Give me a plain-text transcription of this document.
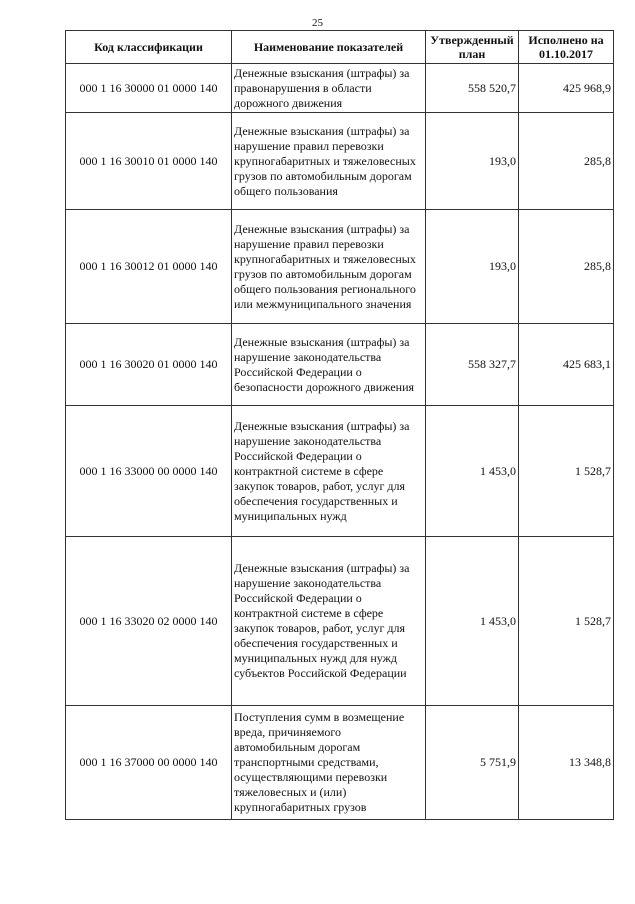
25
Код классификации	Наименование показателей	Утвержденный план	Исполнено на 01.10.2017
000 1 16 30000 01 0000 140	Денежные взыскания (штрафы) за правонарушения в области дорожного движения	558 520,7	425 968,9
000 1 16 30010 01 0000 140	Денежные взыскания (штрафы) за нарушение правил перевозки крупногабаритных и тяжеловесных грузов по автомобильным дорогам общего пользования	193,0	285,8
000 1 16 30012 01 0000 140	Денежные взыскания (штрафы) за нарушение правил перевозки крупногабаритных и тяжеловесных грузов по автомобильным дорогам общего пользования регионального или межмуниципального значения	193,0	285,8
000 1 16 30020 01 0000 140	Денежные взыскания (штрафы) за нарушение законодательства Российской Федерации о безопасности дорожного движения	558 327,7	425 683,1
000 1 16 33000 00 0000 140	Денежные взыскания (штрафы) за нарушение законодательства Российской Федерации о контрактной системе в сфере закупок товаров, работ, услуг для обеспечения государственных и муниципальных нужд	1 453,0	1 528,7
000 1 16 33020 02 0000 140	Денежные взыскания (штрафы) за нарушение законодательства Российской Федерации о контрактной системе в сфере закупок товаров, работ, услуг для обеспечения государственных и муниципальных нужд для нужд субъектов Российской Федерации	1 453,0	1 528,7
000 1 16 37000 00 0000 140	Поступления сумм в возмещение вреда, причиняемого автомобильным дорогам транспортными средствами, осуществляющими перевозки тяжеловесных и (или) крупногабаритных грузов	5 751,9	13 348,8
